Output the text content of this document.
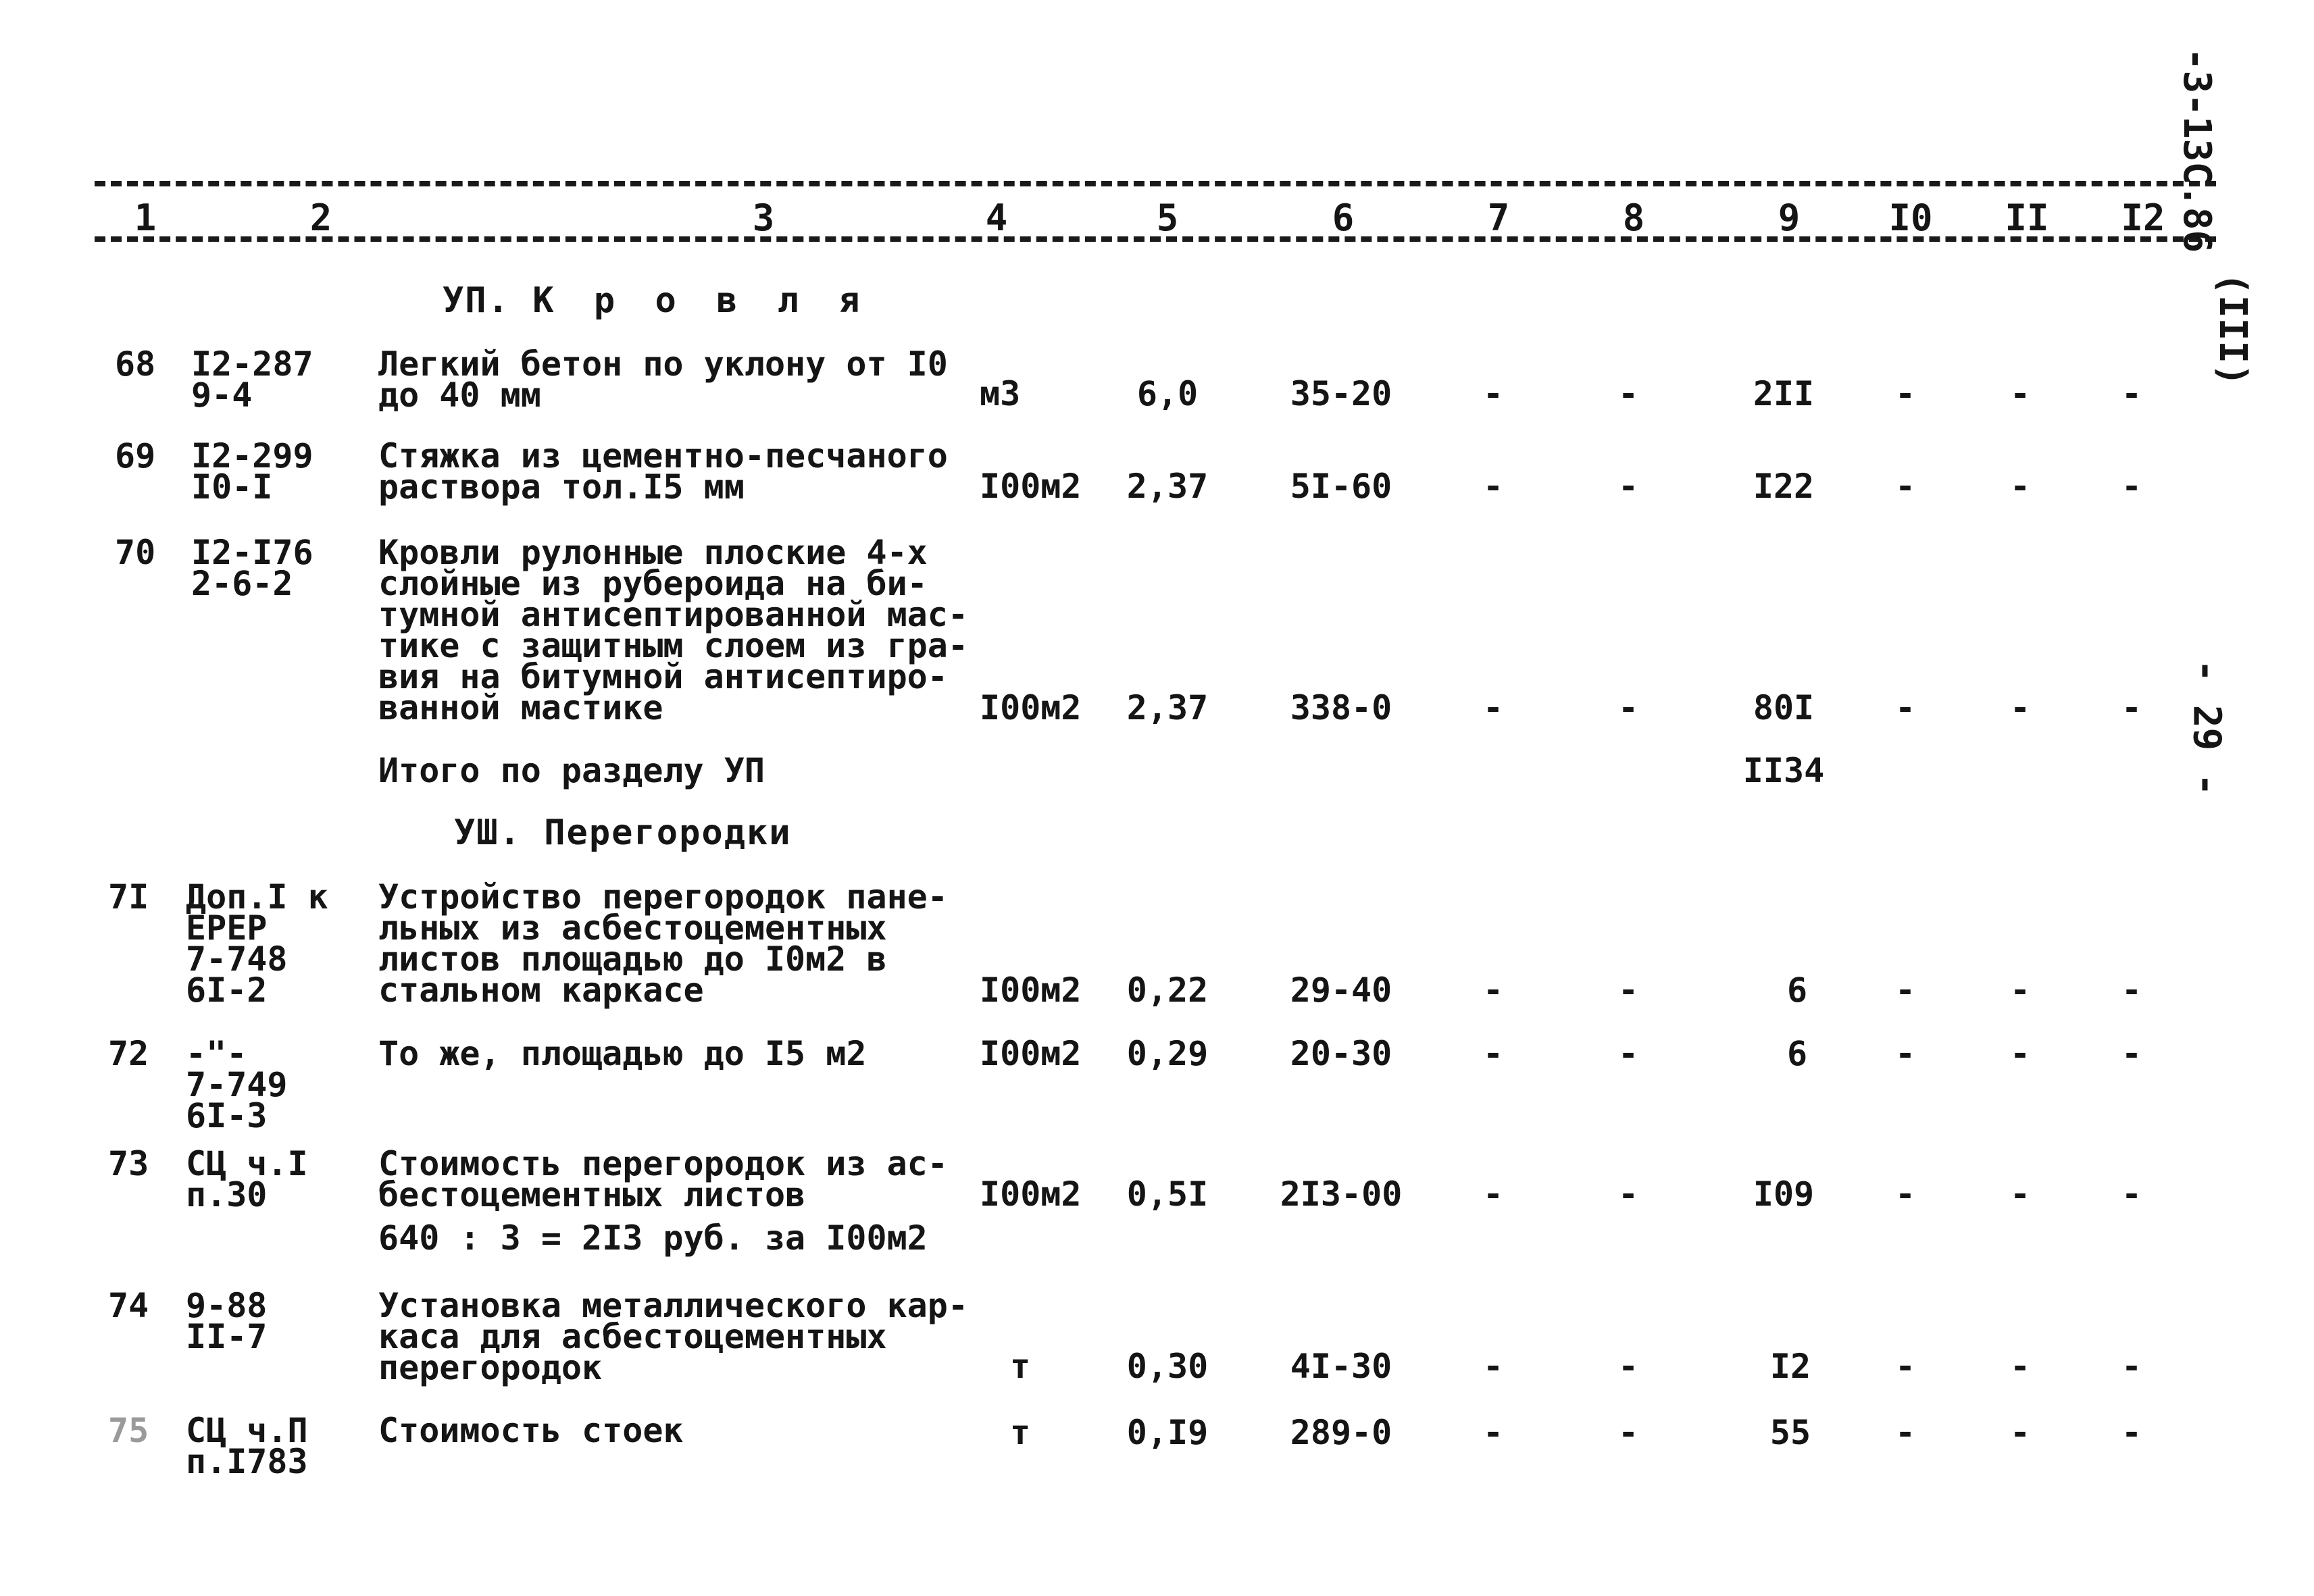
1	2	3	4	5	6	7	8	9 I0 II I2 -3-13C.86
(III)
- 29 -
УП. К р о в л я
68 I2-287
9-4
Легкий бетон по уклону от I0
до 40 мм	м3	6,0	35-20	-	-	2II -	-	-
69 I2-299
I0-I
Стяжка из цементно-песчаного
раствора тол.I5 мм	I00м2 2,37 5I-60	-	-	I22 -	-	-
70 I2-I76
2-6-2
Кровли рулонные плоские 4-х
слойные из рубероида на би-
тумной антисептированной мас-
тике с защитным слоем из гра-
вия на битумной антисептиро-
ванной мастике	I00м2 2,37 338-0	-	-	80I -	-	-
Итого по разделу УП	II34
УШ. Перегородки
7I Доп.I к
ЕРЕР
7-748
6I-2
Устройство перегородок пане-
льных из асбестоцементных
листов площадью до I0м2 в
стальном каркасе	I00м2 0,22 29-40	-	-	6	-	-	-
72 -"-
7-749
6I-3
То же, площадью до I5 м2	I00м2 0,29 20-30	-	-	6	-	-	-
73 СЦ ч.I
п.30
Стоимость перегородок из ас-
бестоцементных листов
640 : 3 = 2I3 руб. за I00м2
I00м2 0,5I 2I3-00 -	-	I09 -	-	-
74 9-88
II-7
Установка металлического кар-
каса для асбестоцементных
перегородок	т	0,30 4I-30	-	-	I2 -	-	-
75 СЦ ч.П
п.I783
Стоимость стоек	т	0,I9 289-0	-	-	55 -	-	-
